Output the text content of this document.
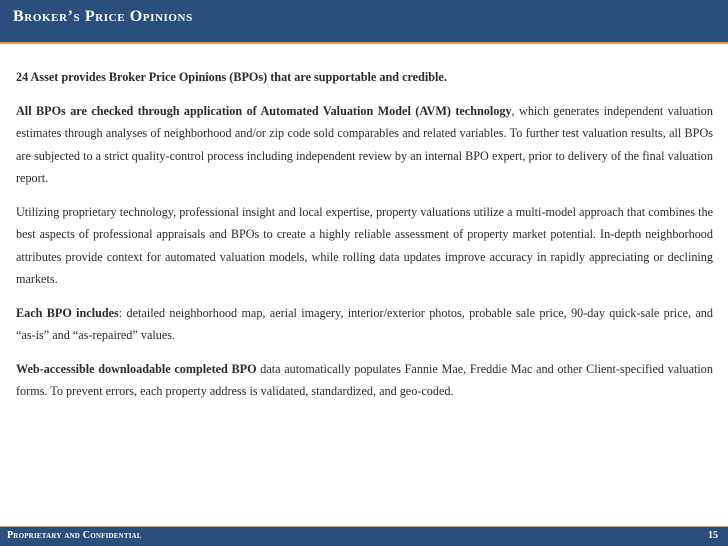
Broker’s Price Opinions

24 Asset provides Broker Price Opinions (BPOs) that are supportable and credible.

All BPOs are checked through application of Automated Valuation Model (AVM) technology, which generates independent valuation estimates through analyses of neighborhood and/or zip code sold comparables and related variables. To further test valuation results, all BPOs are subjected to a strict quality-control process including independent review by an internal BPO expert, prior to delivery of the final valuation report.

Utilizing proprietary technology, professional insight and local expertise, property valuations utilize a multi-model approach that combines the best aspects of professional appraisals and BPOs to create a highly reliable assessment of property market potential. In-depth neighborhood attributes provide context for automated valuation models, while rolling data updates improve accuracy in rapidly appreciating or declining markets.

Each BPO includes: detailed neighborhood map, aerial imagery, interior/exterior photos, probable sale price, 90-day quick-sale price, and “as-is” and “as-repaired” values.

Web-accessible downloadable completed BPO data automatically populates Fannie Mae, Freddie Mac and other Client-specified valuation forms. To prevent errors, each property address is validated, standardized, and geo-coded.

Proprietary and Confidential	15
